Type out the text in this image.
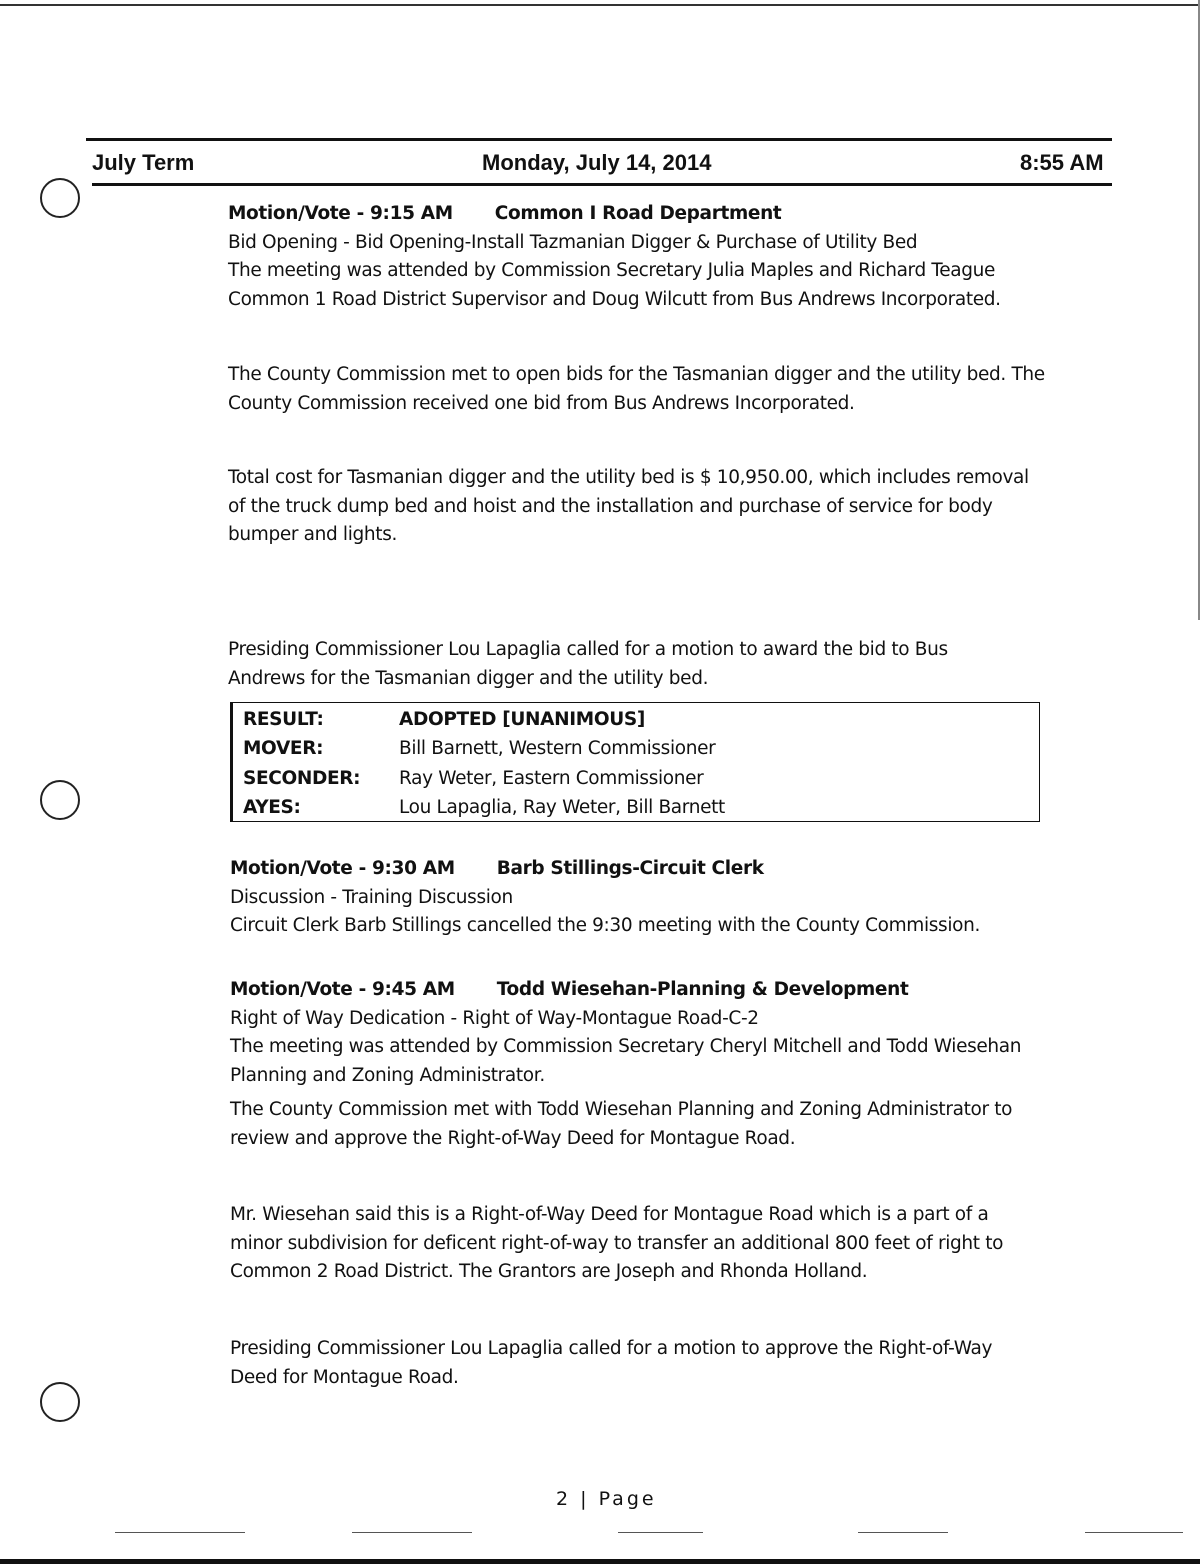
July Term	Monday, July 14, 2014	8:55 AM

Motion/Vote - 9:15 AM Common I Road Department

Bid Opening - Bid Opening-Install Tazmanian Digger & Purchase of Utility Bed

The meeting was attended by Commission Secretary Julia Maples and Richard Teague Common 1 Road District Supervisor and Doug Wilcutt from Bus Andrews Incorporated.

The County Commission met to open bids for the Tasmanian digger and the utility bed. The County Commission received one bid from Bus Andrews Incorporated.
Total cost for Tasmanian digger and the utility bed is $ 10,950.00, which includes removal of the truck dump bed and hoist and the installation and purchase of service for body bumper and lights.
Presiding Commissioner Lou Lapaglia called for a motion to award the bid to Bus Andrews for the Tasmanian digger and the utility bed.
RESULT:	ADOPTED [UNANIMOUS]
MOVER:	Bill Barnett, Western Commissioner
SECONDER: Ray Weter, Eastern Commissioner
AYES:	Lou Lapaglia, Ray Weter, Bill Barnett

Motion/Vote - 9:30 AM Barb Stillings-Circuit Clerk

Discussion - Training Discussion

Circuit Clerk Barb Stillings cancelled the 9:30 meeting with the County Commission.

Motion/Vote - 9:45 AM Todd Wiesehan-Planning & Development

Right of Way Dedication - Right of Way-Montague Road-C-2

The meeting was attended by Commission Secretary Cheryl Mitchell and Todd Wiesehan Planning and Zoning Administrator.

The County Commission met with Todd Wiesehan Planning and Zoning Administrator to review and approve the Right-of-Way Deed for Montague Road.
Mr. Wiesehan said this is a Right-of-Way Deed for Montague Road which is a part of a minor subdivision for deficent right-of-way to transfer an additional 800 feet of right to Common 2 Road District. The Grantors are Joseph and Rhonda Holland.
Presiding Commissioner Lou Lapaglia called for a motion to approve the Right-of-Way Deed for Montague Road.
2 | Page
